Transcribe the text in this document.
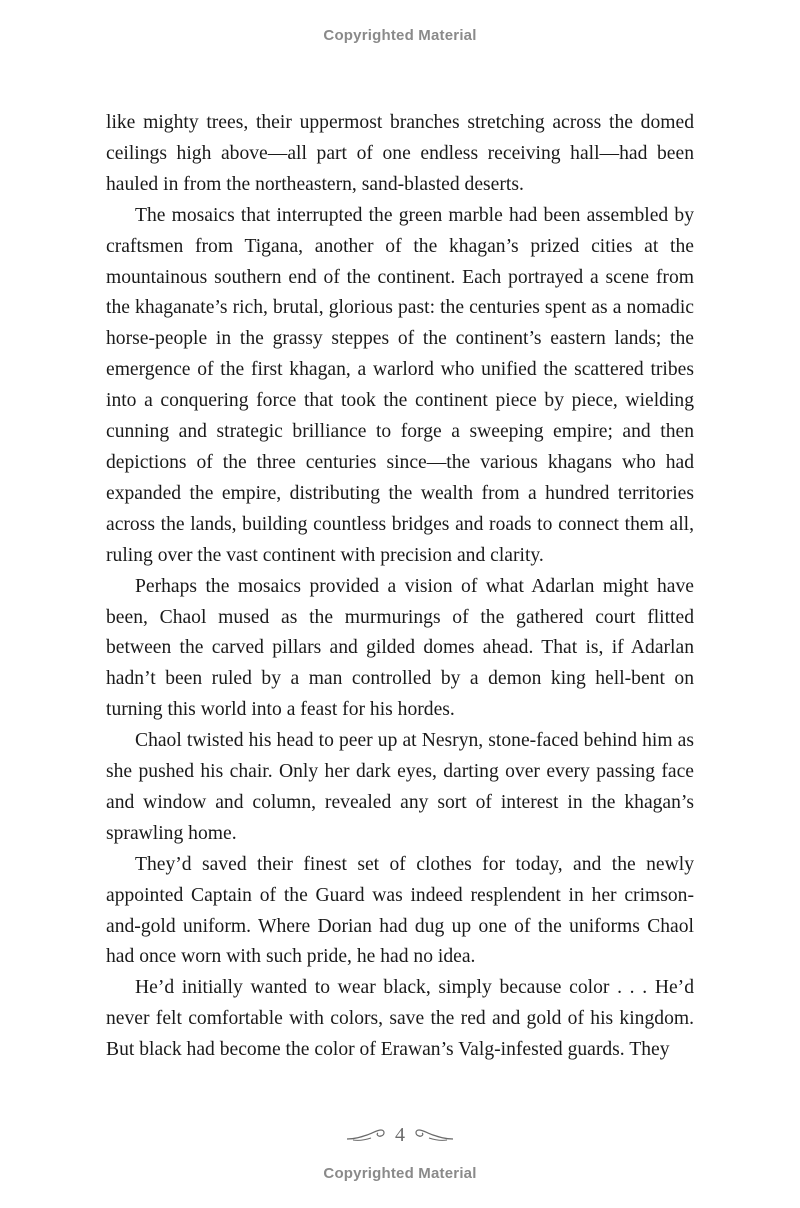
Copyrighted Material

like mighty trees, their uppermost branches stretching across the domed ceilings high above—all part of one endless receiving hall—had been hauled in from the northeastern, sand-blasted deserts.

The mosaics that interrupted the green marble had been assembled by craftsmen from Tigana, another of the khagan’s prized cities at the mountainous southern end of the continent. Each portrayed a scene from the khaganate’s rich, brutal, glorious past: the centuries spent as a nomadic horse-people in the grassy steppes of the continent’s eastern lands; the emergence of the first khagan, a warlord who unified the scattered tribes into a conquering force that took the continent piece by piece, wielding cunning and strategic brilliance to forge a sweeping empire; and then depictions of the three centuries since—the various khagans who had expanded the empire, distributing the wealth from a hundred territories across the lands, building countless bridges and roads to connect them all, ruling over the vast continent with precision and clarity.

Perhaps the mosaics provided a vision of what Adarlan might have been, Chaol mused as the murmurings of the gathered court flitted between the carved pillars and gilded domes ahead. That is, if Adarlan hadn’t been ruled by a man controlled by a demon king hell-bent on turning this world into a feast for his hordes.

Chaol twisted his head to peer up at Nesryn, stone-faced behind him as she pushed his chair. Only her dark eyes, darting over every passing face and window and column, revealed any sort of interest in the khagan’s sprawling home.

They’d saved their finest set of clothes for today, and the newly appointed Captain of the Guard was indeed resplendent in her crimson-and-gold uniform. Where Dorian had dug up one of the uniforms Chaol had once worn with such pride, he had no idea.

He’d initially wanted to wear black, simply because color . . . He’d never felt comfortable with colors, save the red and gold of his kingdom. But black had become the color of Erawan’s Valg-infested guards. They

4
Copyrighted Material
